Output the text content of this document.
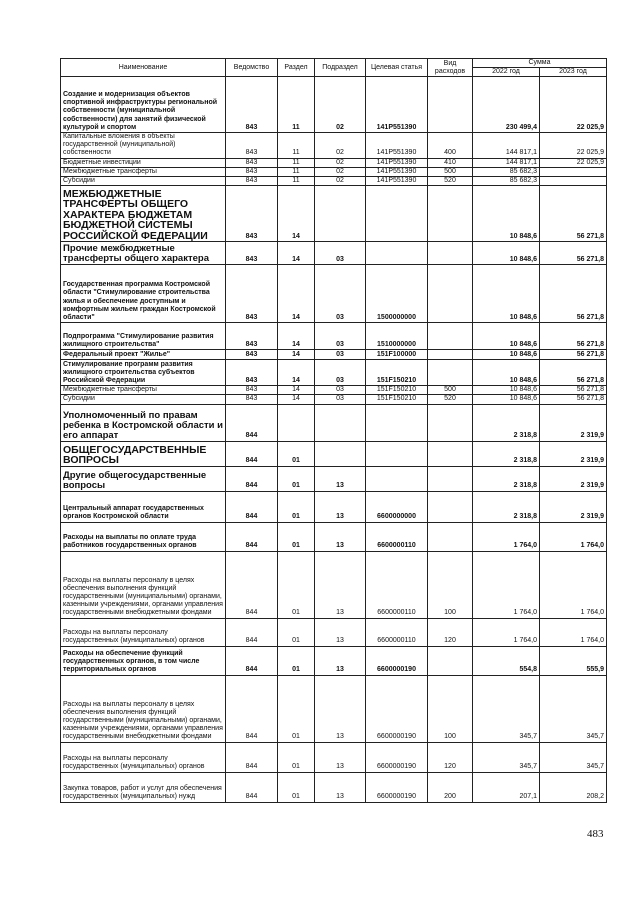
Наименование	Ведомство	Раздел	Подраздел	Целевая статья	Вид расходов	Сумма	
						2022 год	2023 год
Создание и модернизация объектов спортивной инфраструктуры региональной собственности (муниципальной собственности) для занятий физической культурой и спортом	843	11	02	141P551390		230 499,4	22 025,9
Капитальные вложения в объекты государственной (муниципальной) собственности	843	11	02	141P551390	400	144 817,1	22 025,9
Бюджетные инвестиции	843	11	02	141P551390	410	144 817,1	22 025,9
Межбюджетные трансферты	843	11	02	141P551390	500	85 682,3	
Субсидии	843	11	02	141P551390	520	85 682,3	
МЕЖБЮДЖЕТНЫЕ ТРАНСФЕРТЫ ОБЩЕГО ХАРАКТЕРА БЮДЖЕТАМ БЮДЖЕТНОЙ СИСТЕМЫ РОССИЙСКОЙ ФЕДЕРАЦИИ	843	14				10 848,6	56 271,8
Прочие межбюджетные трансферты общего характера	843	14	03			10 848,6	56 271,8
Государственная программа Костромской области "Стимулирование строительства жилья и обеспечение доступным и комфортным жильем граждан Костромской области"	843	14	03	1500000000		10 848,6	56 271,8
Подпрограмма "Стимулирование развития жилищного строительства"	843	14	03	1510000000		10 848,6	56 271,8
Федеральный проект "Жилье"	843	14	03	151F100000		10 848,6	56 271,8
Стимулирование программ развития жилищного строительства субъектов Российской Федерации	843	14	03	151F150210		10 848,6	56 271,8
Межбюджетные трансферты	843	14	03	151F150210	500	10 848,6	56 271,8
Субсидии	843	14	03	151F150210	520	10 848,6	56 271,8
Уполномоченный по правам ребенка в Костромской области и его аппарат	844					2 318,8	2 319,9
ОБЩЕГОСУДАРСТВЕННЫЕ ВОПРОСЫ	844	01				2 318,8	2 319,9
Другие общегосударственные вопросы	844	01	13			2 318,8	2 319,9
Центральный аппарат государственных органов Костромской области	844	01	13	6600000000		2 318,8	2 319,9
Расходы на выплаты по оплате труда работников государственных органов	844	01	13	6600000110		1 764,0	1 764,0
Расходы на выплаты персоналу в целях обеспечения выполнения функций государственными (муниципальными) органами, казенными учреждениями, органами управления государственными внебюджетными фондами	844	01	13	6600000110	100	1 764,0	1 764,0
Расходы на выплаты персоналу государственных (муниципальных) органов	844	01	13	6600000110	120	1 764,0	1 764,0
Расходы на обеспечение функций государственных органов, в том числе территориальных органов	844	01	13	6600000190		554,8	555,9
Расходы на выплаты персоналу в целях обеспечения выполнения функций государственными (муниципальными) органами, казенными учреждениями, органами управления государственными внебюджетными фондами	844	01	13	6600000190	100	345,7	345,7
Расходы на выплаты персоналу государственных (муниципальных) органов	844	01	13	6600000190	120	345,7	345,7
Закупка товаров, работ и услуг для обеспечения государственных (муниципальных) нужд	844	01	13	6600000190	200	207,1	208,2
483
